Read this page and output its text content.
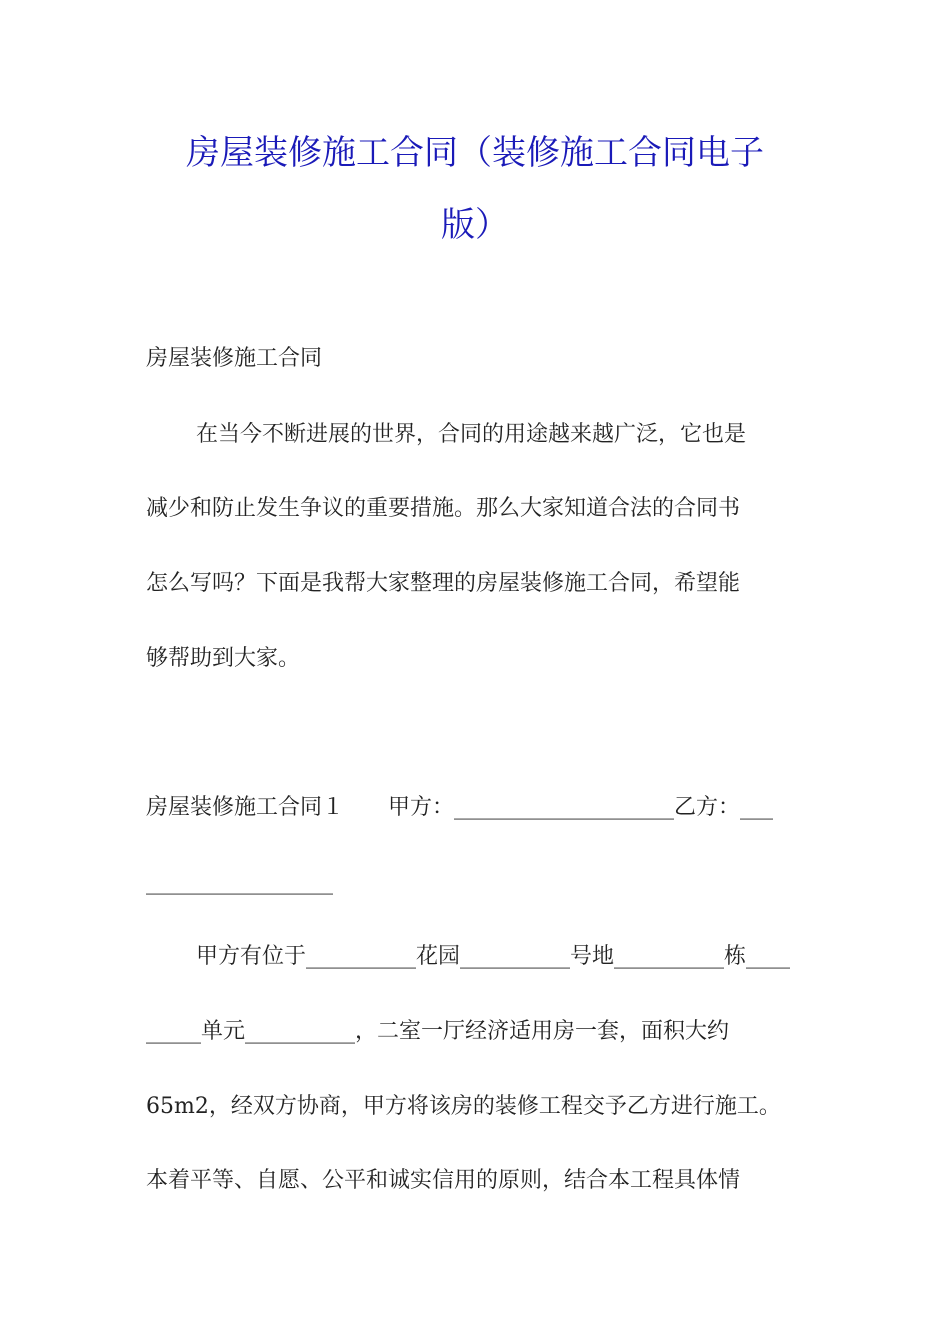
房屋装修施工合同（装修施工合同电子
版）
房屋装修施工合同
在当今不断进展的世界，合同的用途越来越广泛，它也是
减少和防止发生争议的重要措施。那么大家知道合法的合同书
怎么写吗？下面是我帮大家整理的房屋装修施工合同，希望能
够帮助到大家。
房屋装修施工合同１　　甲方：____________________乙方：___
_________________
甲方有位于__________花园__________号地__________栋____
_____单元__________，二室一厅经济适用房一套，面积大约
65m2，经双方协商，甲方将该房的装修工程交予乙方进行施工。
本着平等、自愿、公平和诚实信用的原则，结合本工程具体情
